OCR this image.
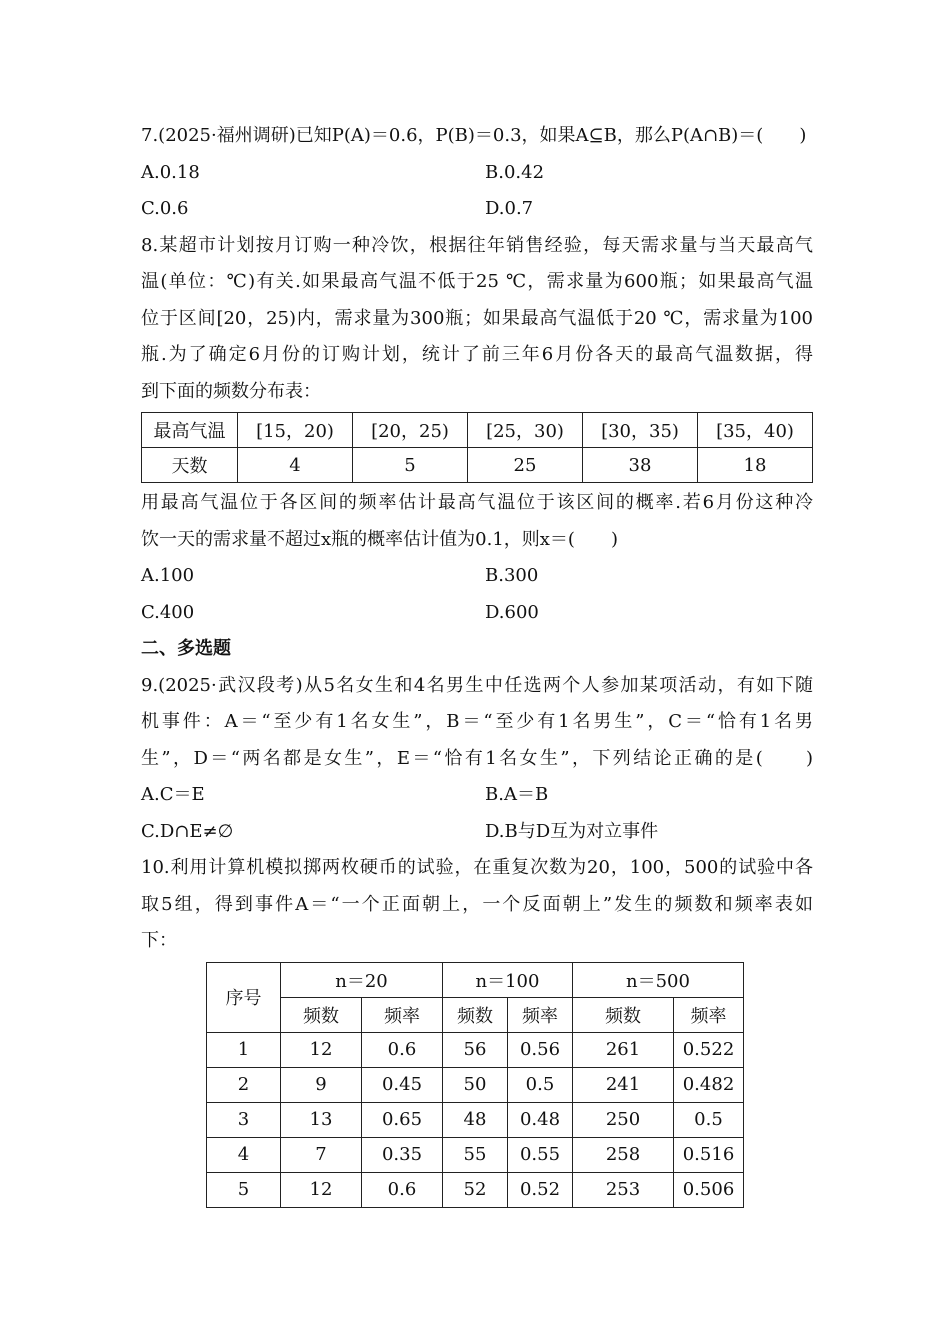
7.(2025·福州调研)已知P(A)＝0.6，P(B)＝0.3，如果A⊆B，那么P(A∩B)＝(　　)
A.0.18	B.0.42
C.0.6	D.0.7
8.某超市计划按月订购一种冷饮，根据往年销售经验，每天需求量与当天最高气
温(单位：℃)有关.如果最高气温不低于25 ℃，需求量为600瓶；如果最高气温
位于区间[20，25)内，需求量为300瓶；如果最高气温低于20 ℃，需求量为100
瓶.为了确定6月份的订购计划，统计了前三年6月份各天的最高气温数据，得
到下面的频数分布表：
最高气温	[15，20)	[20，25)	[25，30)	[30，35)	[35，40)
天数	4	5	25	38	18
用最高气温位于各区间的频率估计最高气温位于该区间的概率.若6月份这种冷
饮一天的需求量不超过x瓶的概率估计值为0.1，则x＝(　　)
A.100	B.300
C.400	D.600
二、多选题
9.(2025·武汉段考)从5名女生和4名男生中任选两个人参加某项活动，有如下随
机事件：A＝“至少有1名女生”，B＝“至少有1名男生”，C＝“恰有1名男
生”，D＝“两名都是女生”，E＝“恰有1名女生”，下列结论正确的是(　　)
A.C＝E	B.A＝B
C.D∩E≠∅	D.B与D互为对立事件
10.利用计算机模拟掷两枚硬币的试验，在重复次数为20，100，500的试验中各
取5组，得到事件A＝“一个正面朝上，一个反面朝上”发生的频数和频率表如
下：
序号	n＝20		n＝100		n＝500	
	频数	频率	频数	频率	频数	频率
1	12	0.6	56	0.56	261	0.522
2	9	0.45	50	0.5	241	0.482
3	13	0.65	48	0.48	250	0.5
4	7	0.35	55	0.55	258	0.516
5	12	0.6	52	0.52	253	0.506
